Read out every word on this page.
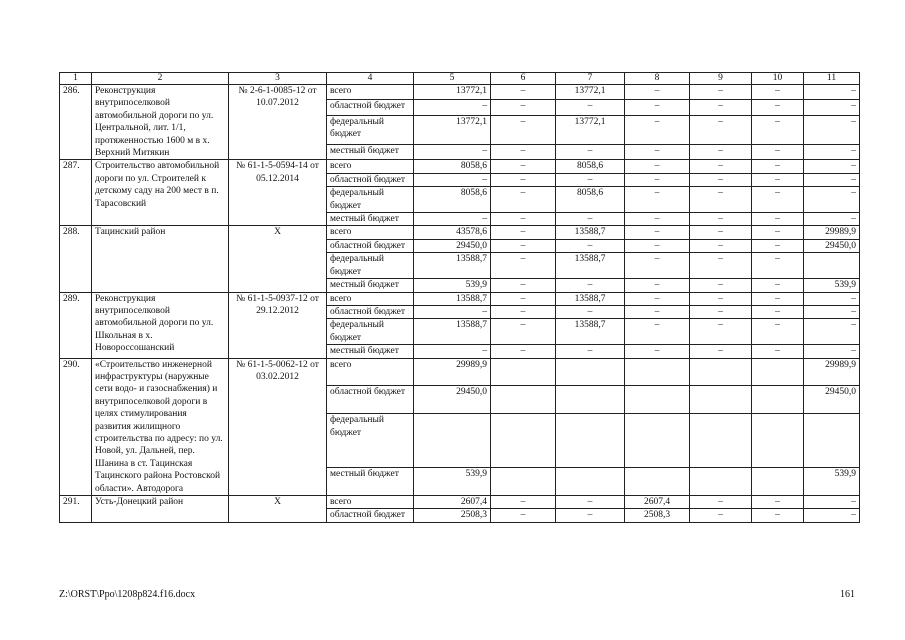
1	2	3	4	5	6	7	8	9	10	11
286.	Реконструкция внутрипоселковой автомобильной дороги по ул. Центральной, лит. 1/1, протяженностью 1600 м в х. Верхний Митякин	№ 2-6-1-0085-12 от 10.07.2012	всего	13772,1	–	13772,1	–	–	–	–
			областной бюджет	–	–	–	–	–	–	–
			федеральный бюджет	13772,1	–	13772,1	–	–	–	–
			местный бюджет	–	–	–	–	–	–	–
287.	Строительство автомобильной дороги по ул. Строителей к детскому саду на 200 мест в п. Тарасовский	№ 61-1-5-0594-14 от 05.12.2014	всего	8058,6	–	8058,6	–	–	–	–
			областной бюджет	–	–	–	–	–	–	–
			федеральный бюджет	8058,6	–	8058,6	–	–	–	–
			местный бюджет	–	–	–	–	–	–	–
288.	Тацинский район	Х	всего	43578,6	–	13588,7	–	–	–	29989,9
			областной бюджет	29450,0	–	–	–	–	–	29450,0
			федеральный бюджет	13588,7	–	13588,7	–	–	–	
			местный бюджет	539,9	–	–	–	–	–	539,9
289.	Реконструкция внутрипоселковой автомобильной дороги по ул. Школьная в х. Новороссошанский	№ 61-1-5-0937-12 от 29.12.2012	всего	13588,7	–	13588,7	–	–	–	–
			областной бюджет	–	–	–	–	–	–	–
			федеральный бюджет	13588,7	–	13588,7	–	–	–	–
			местный бюджет	–	–	–	–	–	–	–
290.	«Строительство инженерной инфраструктуры (наружные сети водо- и газоснабжения) и внутрипоселковой дороги в целях стимулирования развития жилищного строительства по адресу: по ул. Новой, ул. Дальней, пер. Шанина в ст. Тацинская Тацинского района Ростовской области». Автодорога	№ 61-1-5-0062-12 от 03.02.2012	всего	29989,9						29989,9
			областной бюджет	29450,0						29450,0
			федеральный бюджет							
			местный бюджет	539,9						539,9
291.	Усть-Донецкий район	Х	всего	2607,4	–	–	2607,4	–	–	–
			областной бюджет	2508,3	–	–	2508,3	–	–	–
Z:\ORST\Ppo\1208p824.f16.docx	161
